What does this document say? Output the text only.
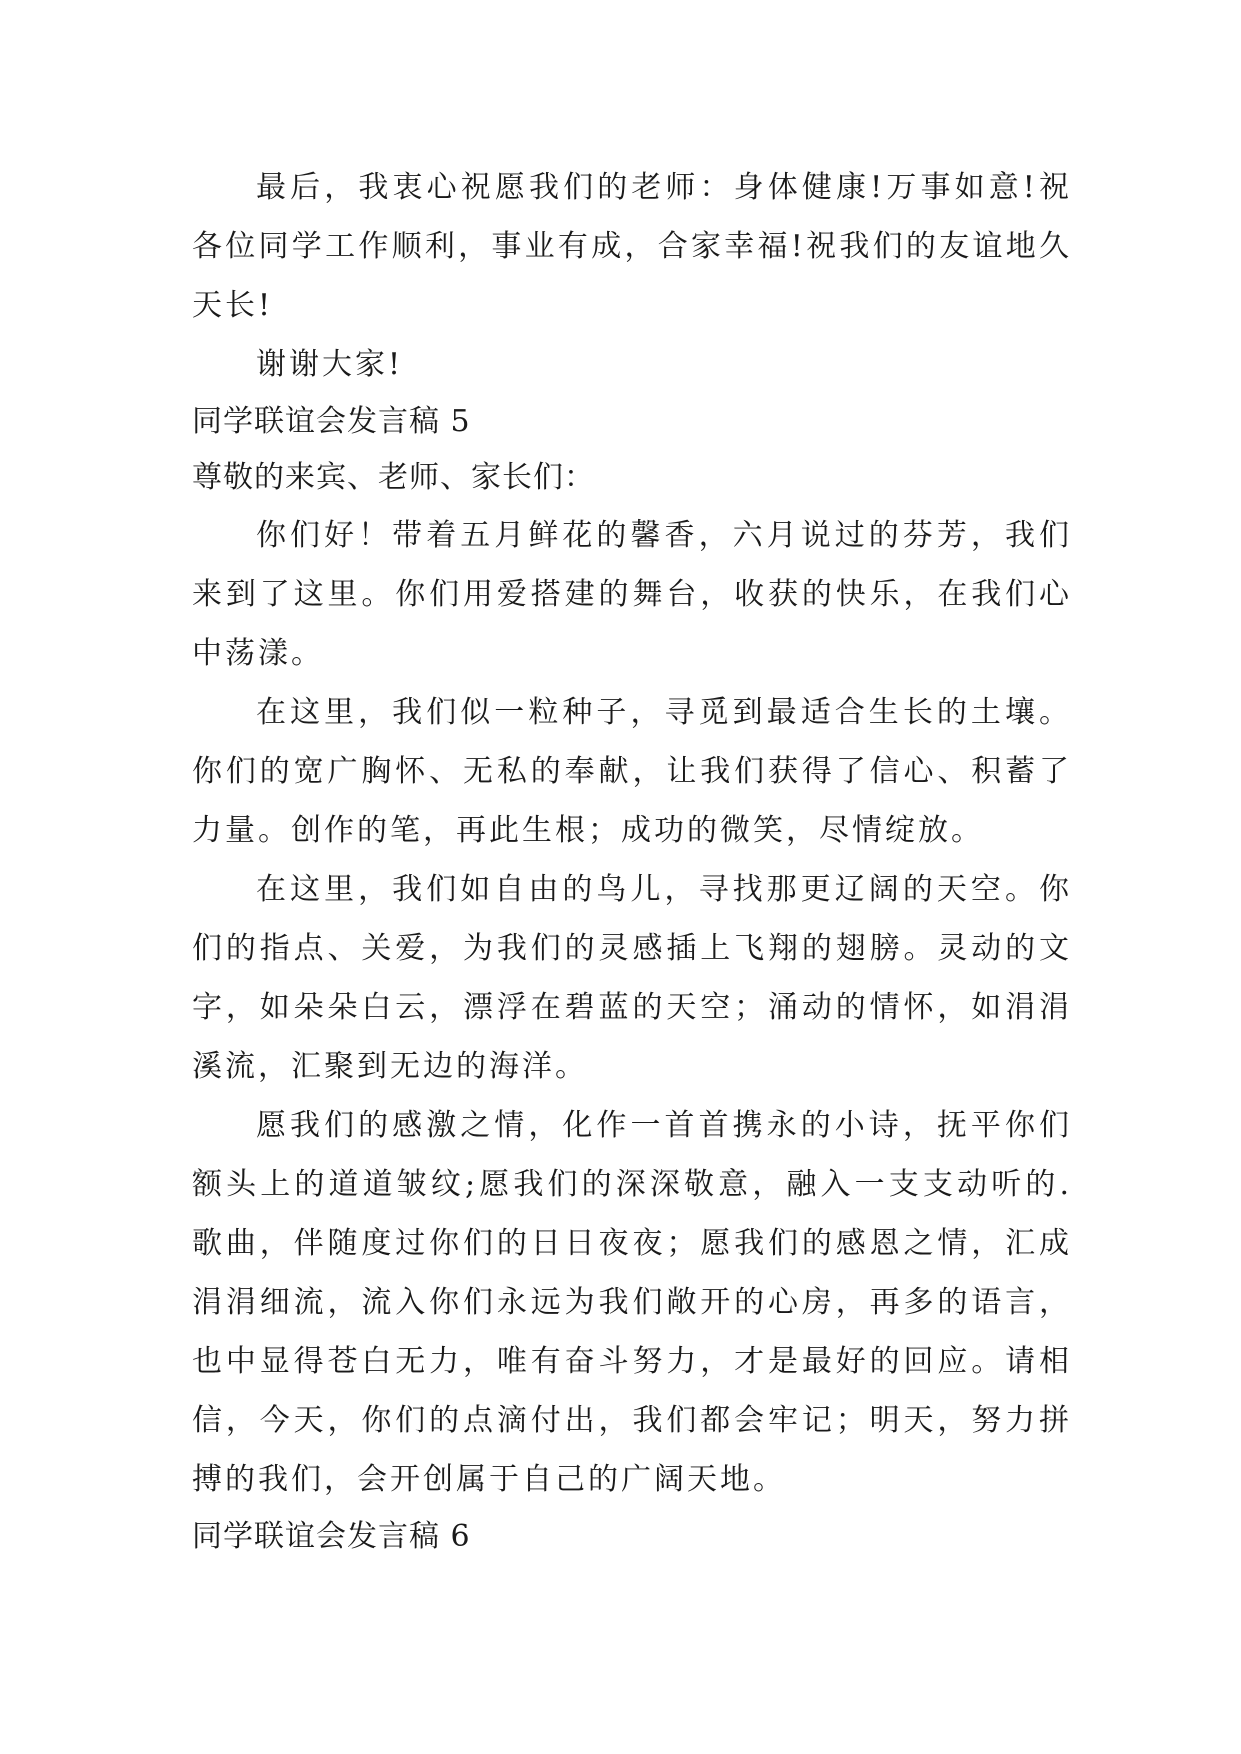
最后，我衷心祝愿我们的老师：身体健康!万事如意!祝各位同学工作顺利，事业有成，合家幸福!祝我们的友谊地久天长!

谢谢大家!

同学联谊会发言稿 5

尊敬的来宾、老师、家长们：

你们好！带着五月鲜花的馨香，六月说过的芬芳，我们来到了这里。你们用爱搭建的舞台，收获的快乐，在我们心中荡漾。

在这里，我们似一粒种子，寻觅到最适合生长的土壤。你们的宽广胸怀、无私的奉献，让我们获得了信心、积蓄了力量。创作的笔，再此生根；成功的微笑，尽情绽放。

在这里，我们如自由的鸟儿，寻找那更辽阔的天空。你们的指点、关爱，为我们的灵感插上飞翔的翅膀。灵动的文字，如朵朵白云，漂浮在碧蓝的天空；涌动的情怀，如涓涓溪流，汇聚到无边的海洋。

愿我们的感激之情，化作一首首携永的小诗，抚平你们额头上的道道皱纹;愿我们的深深敬意，融入一支支动听的.歌曲，伴随度过你们的日日夜夜；愿我们的感恩之情，汇成涓涓细流，流入你们永远为我们敞开的心房，再多的语言，也中显得苍白无力，唯有奋斗努力，才是最好的回应。请相信，今天，你们的点滴付出，我们都会牢记；明天，努力拼搏的我们，会开创属于自己的广阔天地。

同学联谊会发言稿 6
